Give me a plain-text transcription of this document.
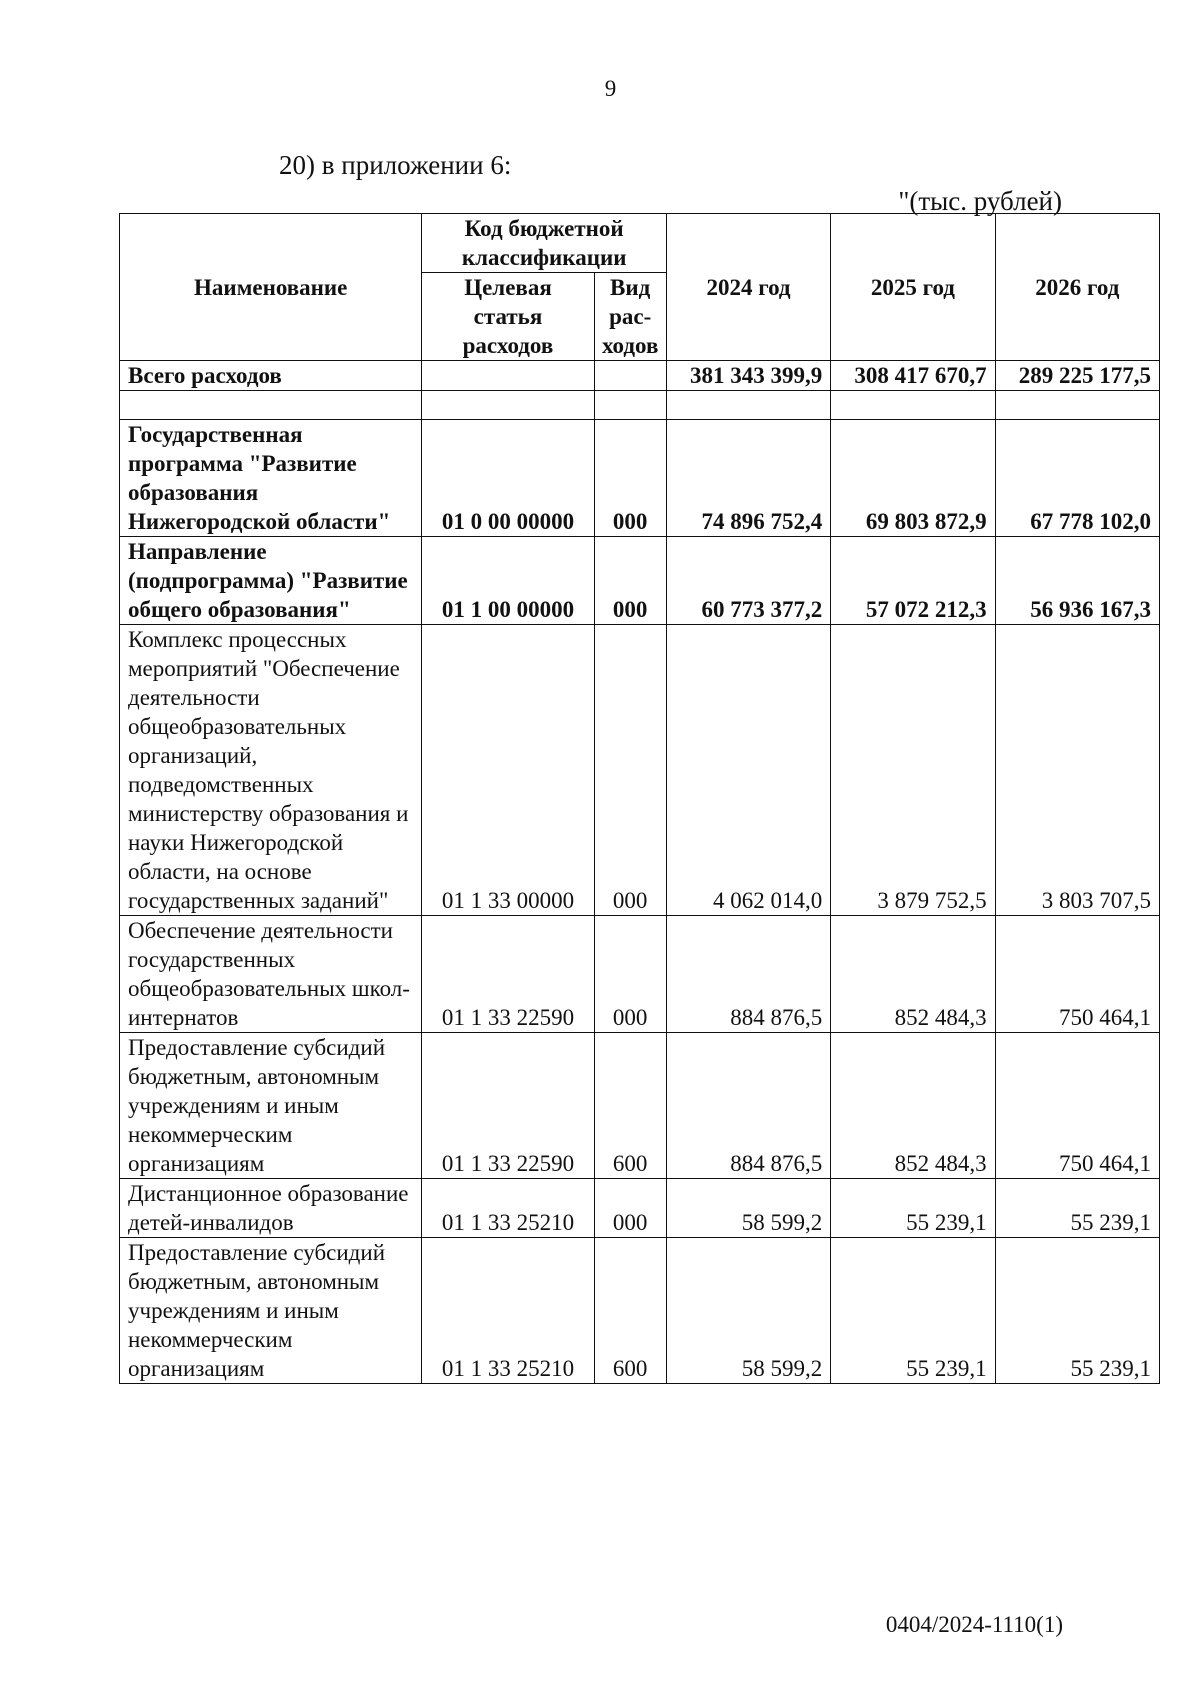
9
20) в приложении 6:
"(тыс. рублей)
Наименование	Код бюджетной классификации		2024 год	2025 год	2026 год
	Целевая статья расходов	Вид рас-ходов			
Всего расходов			381 343 399,9	308 417 670,7	289 225 177,5

Государственная программа "Развитие образования Нижегородской области"	01 0 00 00000	000	74 896 752,4	69 803 872,9	67 778 102,0
Направление (подпрограмма) "Развитие общего образования"	01 1 00 00000	000	60 773 377,2	57 072 212,3	56 936 167,3
Комплекс процессных мероприятий "Обеспечение деятельности общеобразовательных организаций, подведомственных министерству образования и науки Нижегородской области, на основе государственных заданий"	01 1 33 00000	000	4 062 014,0	3 879 752,5	3 803 707,5
Обеспечение деятельности государственных общеобразовательных школ-интернатов	01 1 33 22590	000	884 876,5	852 484,3	750 464,1
Предоставление субсидий бюджетным, автономным учреждениям и иным некоммерческим организациям	01 1 33 22590	600	884 876,5	852 484,3	750 464,1
Дистанционное образование детей-инвалидов	01 1 33 25210	000	58 599,2	55 239,1	55 239,1
Предоставление субсидий бюджетным, автономным учреждениям и иным некоммерческим организациям	01 1 33 25210	600	58 599,2	55 239,1	55 239,1
0404/2024-1110(1)
